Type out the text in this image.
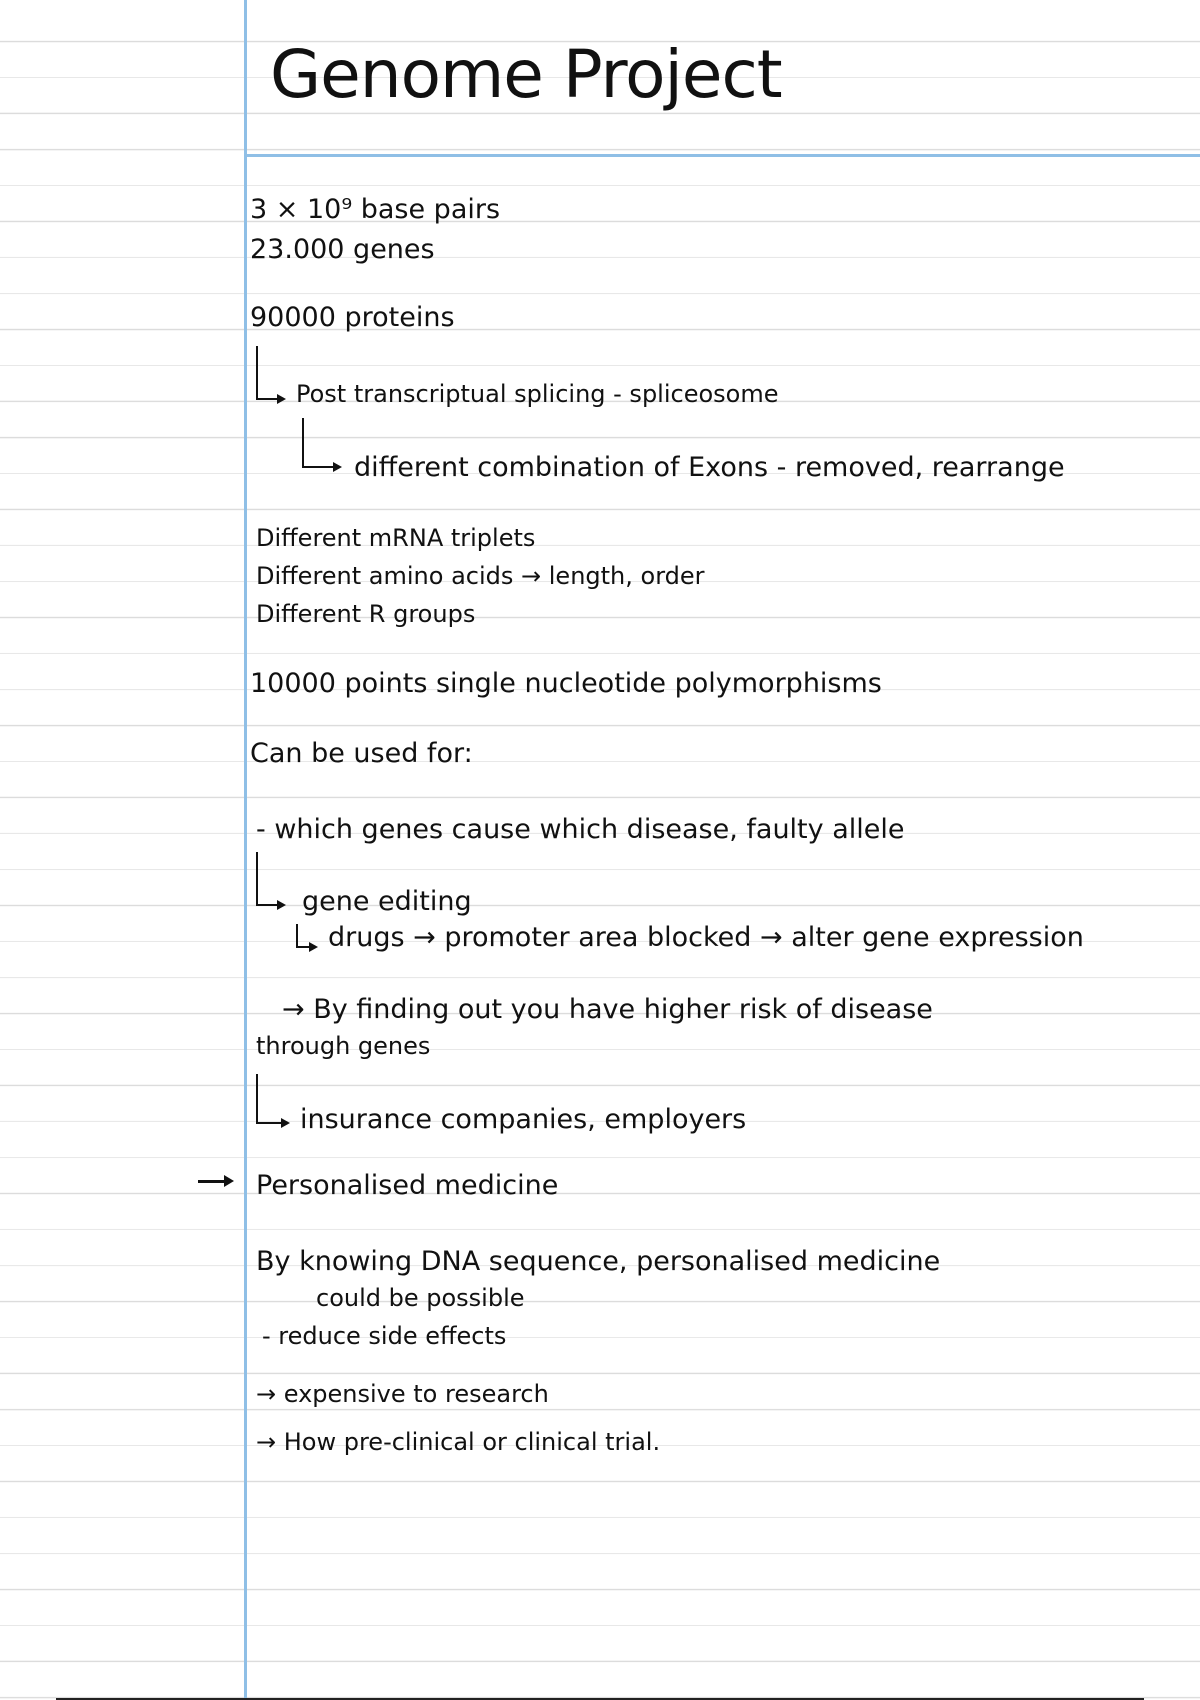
Genome Project
3 × 10⁹ base pairs
23.000 genes
90000 proteins
Post transcriptual splicing - spliceosome
different combination of Exons - removed, rearrange
Different mRNA triplets
Different amino acids → length, order
Different R groups
10000 points single nucleotide polymorphisms
Can be used for:
- which genes cause which disease, faulty allele
gene editing
drugs → promoter area blocked → alter gene expression
→ By finding out you have higher risk of disease
through genes
insurance companies, employers
Personalised medicine
By knowing DNA sequence, personalised medicine
could be possible
- reduce side effects
→ expensive to research
→ How pre-clinical or clinical trial.
